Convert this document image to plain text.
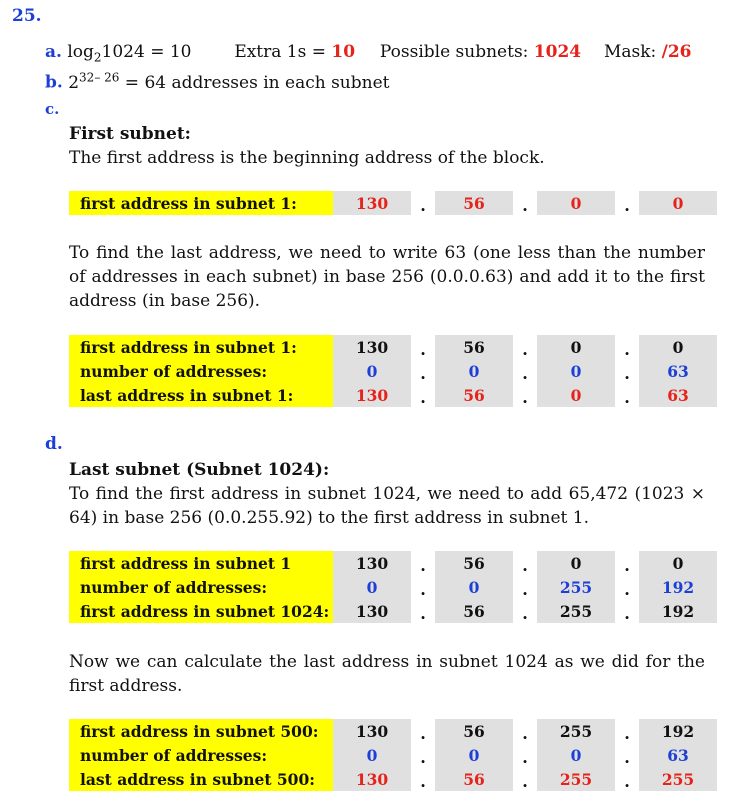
25.
a. $\log_21024 = 10$	Extra 1s = 10 Possible subnets: 1024 Mask: /26
b. $2^{32- 26} = 64$ addresses in each subnet
c.
First subnet:
The first address is the beginning address of the block.
first address in subnet 1:	130	.	56	.	0	.	0
To find the last address, we need to write 63 (one less than the number of addresses in each subnet) in base 256 (0.0.0.63) and add it to the first address (in base 256).
first address in subnet 1:	130	.	56	.	0	.	0
number of addresses:	0	.	0	.	0	.	63
last address in subnet 1:	130	.	56	.	0	.	63
d.
Last subnet (Subnet 1024):
To find the first address in subnet 1024, we need to add 65,472 (1023 × 64) in base 256 (0.0.255.92) to the first address in subnet 1.
first address in subnet 1	130	.	56	.	0	.	0
number of addresses:	0	.	0	.	255	.	192
first address in subnet 1024:	130	.	56	.	255	.	192
Now we can calculate the last address in subnet 1024 as we did for the first address.
first address in subnet 500:	130	.	56	.	255	.	192
number of addresses:	0	.	0	.	0	.	63
last address in subnet 500:	130	.	56	.	255	.	255
